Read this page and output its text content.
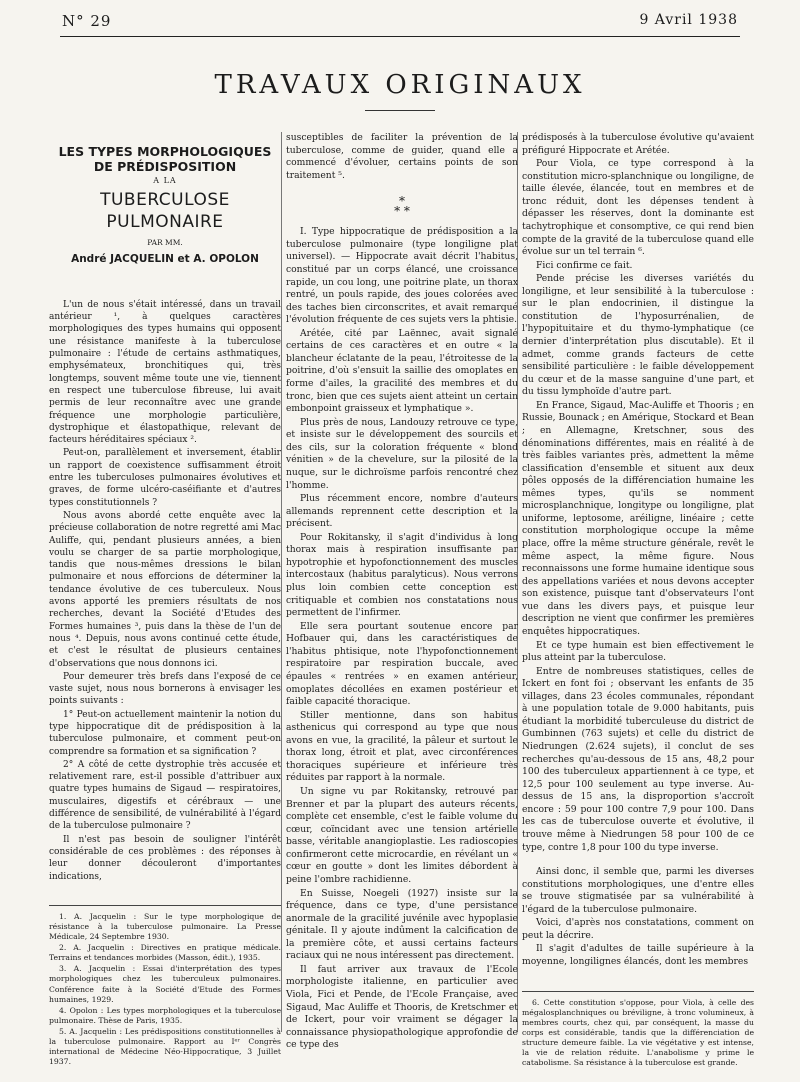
N° 29	9 Avril 1938
TRAVAUX ORIGINAUX
LES TYPES MORPHOLOGIQUES
DE PRÉDISPOSITION
A LA
TUBERCULOSE PULMONAIRE
PAR MM.
André JACQUELIN et A. OPOLON

L'un de nous s'était intéressé, dans un travail antérieur ¹, à quelques caractères morphologiques des types humains qui opposent une résistance manifeste à la tuberculose pulmonaire : l'étude de certains asthmatiques, emphysémateux, bronchitiques qui, très longtemps, souvent même toute une vie, tiennent en respect une tuberculose fibreuse, lui avait permis de leur reconnaître avec une grande fréquence une morphologie particulière, dystrophique et élastopathique, relevant de facteurs héréditaires spéciaux ².

Peut-on, parallèlement et inversement, établir un rapport de coexistence suffisamment étroit entre les tuberculoses pulmonaires évolutives et graves, de forme ulcéro-caséifiante et d'autres types constitutionnels ?

Nous avons abordé cette enquête avec la précieuse collaboration de notre regretté ami Mac Auliffe, qui, pendant plusieurs années, a bien voulu se charger de sa partie morphologique, tandis que nous-mêmes dressions le bilan pulmonaire et nous efforcions de déterminer la tendance évolutive de ces tuberculeux. Nous avons apporté les premiers résultats de nos recherches, devant la Société d'Etudes des Formes humaines ³, puis dans la thèse de l'un de nous ⁴. Depuis, nous avons continué cette étude, et c'est le résultat de plusieurs centaines d'observations que nous donnons ici.

Pour demeurer très brefs dans l'exposé de ce vaste sujet, nous nous bornerons à envisager les points suivants :

1° Peut-on actuellement maintenir la notion du type hippocratique dit de prédisposition à la tuberculose pulmonaire, et comment peut-on comprendre sa formation et sa signification ?

2° A côté de cette dystrophie très accusée et relativement rare, est-il possible d'attribuer aux quatre types humains de Sigaud — respiratoires, musculaires, digestifs et cérébraux — une différence de sensibilité, de vulnérabilité à l'égard de la tuberculose pulmonaire ?

Il n'est pas besoin de souligner l'intérêt considérable de ces problèmes : des réponses à leur donner découleront d'importantes indications,

1. A. Jacquelin : Sur le type morphologique de résistance à la tuberculose pulmonaire. La Presse Médicale, 24 Septembre 1930.

2. A. Jacquelin : Directives en pratique médicale. Terrains et tendances morbides (Masson, édit.), 1935.

3. A. Jacquelin : Essai d'interprétation des types morphologiques chez les tuberculeux pulmonaires. Conférence faite à la Société d'Etude des Formes humaines, 1929.

4. Opolon : Les types morphologiques et la tuberculose pulmonaire. Thèse de Paris, 1935.

5. A. Jacquelin : Les prédispositions constitutionnelles à la tuberculose pulmonaire. Rapport au Iᵉʳ Congrès international de Médecine Néo-Hippocratique, 3 Juillet 1937.

susceptibles de faciliter la prévention de la tuberculose, comme de guider, quand elle a commencé d'évoluer, certains points de son traitement ⁵.

*
* *

I. Type hippocratique de prédisposition a la tuberculose pulmonaire (type longiligne plat universel). — Hippocrate avait décrit l'habitus, constitué par un corps élancé, une croissance rapide, un cou long, une poitrine plate, un thorax rentré, un pouls rapide, des joues colorées avec des taches bien circonscrites, et avait remarqué l'évolution fréquente de ces sujets vers la phtisie.

Arétée, cité par Laënnec, avait signalé certains de ces caractères et en outre « la blancheur éclatante de la peau, l'étroitesse de la poitrine, d'où s'ensuit la saillie des omoplates en forme d'ailes, la gracilité des membres et du tronc, bien que ces sujets aient atteint un certain embonpoint graisseux et lymphatique ».

Plus près de nous, Landouzy retrouve ce type, et insiste sur le développement des sourcils et des cils, sur la coloration fréquente « blond vénitien » de la chevelure, sur la pilosité de la nuque, sur le dichroïsme parfois rencontré chez l'homme.

Plus récemment encore, nombre d'auteurs allemands reprennent cette description et la précisent.

Pour Rokitansky, il s'agit d'individus à long thorax mais à respiration insuffisante par hypotrophie et hypofonctionnement des muscles intercostaux (habitus paralyticus). Nous verrons plus loin combien cette conception est critiquable et combien nos constatations nous permettent de l'infirmer.

Elle sera pourtant soutenue encore par Hofbauer qui, dans les caractéristiques de l'habitus phtisique, note l'hypofonctionnement respiratoire par respiration buccale, avec épaules « rentrées » en examen antérieur, omoplates décollées en examen postérieur et faible capacité thoracique.

Stiller mentionne, dans son habitus asthenicus qui correspond au type que nous avons en vue, la gracilité, la pâleur et surtout le thorax long, étroit et plat, avec circonférences thoraciques supérieure et inférieure très réduites par rapport à la normale.

Un signe vu par Rokitansky, retrouvé par Brenner et par la plupart des auteurs récents, complète cet ensemble, c'est le faible volume du cœur, coïncidant avec une tension artérielle basse, véritable anangioplastie. Les radioscopies confirmeront cette microcardie, en révélant un « cœur en goutte » dont les limites débordent à peine l'ombre rachidienne.

En Suisse, Noegeli (1927) insiste sur la fréquence, dans ce type, d'une persistance anormale de la gracilité juvénile avec hypoplasie génitale. Il y ajoute indûment la calcification de la première côte, et aussi certains facteurs raciaux qui ne nous intéressent pas directement.

Il faut arriver aux travaux de l'Ecole morphologiste italienne, en particulier avec Viola, Fici et Pende, de l'Ecole Française, avec Sigaud, Mac Auliffe et Thooris, de Kretschmer et de Ickert, pour voir vraiment se dégager la connaissance physiopathologique approfondie de ce type des

prédisposés à la tuberculose évolutive qu'avaient préfiguré Hippocrate et Arétée.

Pour Viola, ce type correspond à la constitution micro-splanchnique ou longiligne, de taille élevée, élancée, tout en membres et de tronc réduit, dont les dépenses tendent à dépasser les réserves, dont la dominante est tachytrophique et consomptive, ce qui rend bien compte de la gravité de la tuberculose quand elle évolue sur un tel terrain ⁶.

Fici confirme ce fait.

Pende précise les diverses variétés du longiligne, et leur sensibilité à la tuberculose : sur le plan endocrinien, il distingue la constitution de l'hyposurrénalien, de l'hypopituitaire et du thymo-lymphatique (ce dernier d'interprétation plus discutable). Et il admet, comme grands facteurs de cette sensibilité particulière : le faible développement du cœur et de la masse sanguine d'une part, et du tissu lymphoïde d'autre part.

En France, Sigaud, Mac-Auliffe et Thooris ; en Russie, Bounack ; en Amérique, Stockard et Bean ; en Allemagne, Kretschner, sous des dénominations différentes, mais en réalité à de très faibles variantes près, admettent la même classification d'ensemble et situent aux deux pôles opposés de la différenciation humaine les mêmes types, qu'ils se nomment microsplanchnique, longitype ou longiligne, plat uniforme, leptosome, aréiligne, linéaire ; cette constitution morphologique occupe la même place, offre la même structure générale, revêt le même aspect, la même figure. Nous reconnaissons une forme humaine identique sous des appellations variées et nous devons accepter son existence, puisque tant d'observateurs l'ont vue dans les divers pays, et puisque leur description ne vient que confirmer les premières enquêtes hippocratiques.

Et ce type humain est bien effectivement le plus atteint par la tuberculose.

Entre de nombreuses statistiques, celles de Ickert en font foi ; observant les enfants de 35 villages, dans 23 écoles communales, répondant à une population totale de 9.000 habitants, puis étudiant la morbidité tuberculeuse du district de Gumbinnen (763 sujets) et celle du district de Niedrungen (2.624 sujets), il conclut de ses recherches qu'au-dessous de 15 ans, 48,2 pour 100 des tuberculeux appartiennent à ce type, et 12,5 pour 100 seulement au type inverse. Au-dessus de 15 ans, la disproportion s'accroît encore : 59 pour 100 contre 7,9 pour 100. Dans les cas de tuberculose ouverte et évolutive, il trouve même à Niedrungen 58 pour 100 de ce type, contre 1,8 pour 100 du type inverse.

Ainsi donc, il semble que, parmi les diverses constitutions morphologiques, une d'entre elles se trouve stigmatisée par sa vulnérabilité à l'égard de la tuberculose pulmonaire.

Voici, d'après nos constatations, comment on peut la décrire.

Il s'agit d'adultes de taille supérieure à la moyenne, longilignes élancés, dont les membres

6. Cette constitution s'oppose, pour Viola, à celle des mégalosplanchniques ou bréviligne, à tronc volumineux, à membres courts, chez qui, par conséquent, la masse du corps est considérable, tandis que la différenciation de structure demeure faible. La vie végétative y est intense, la vie de relation réduite. L'anabolisme y prime le catabolisme. Sa résistance à la tuberculose est grande.
